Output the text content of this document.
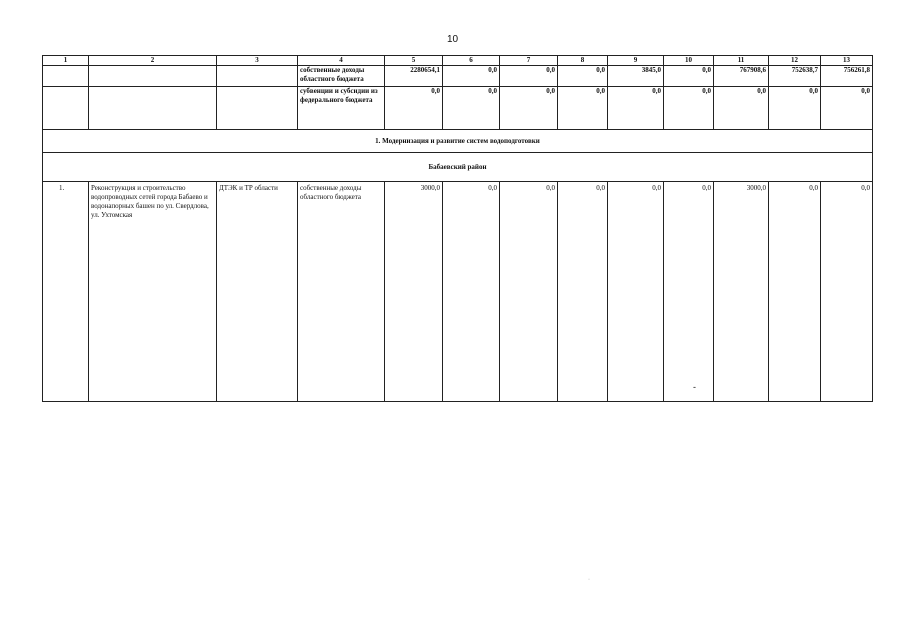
10
1	2	3	4	5	6	7	8	9	10	11	12	13
			собственные доходы областного бюджета	2280654,1	0,0	0,0	0,0	3845,0	0,0	767908,6	752638,7	756261,8
			субвенции и субсидии из федерального бюджета	0,0	0,0	0,0	0,0	0,0	0,0	0,0	0,0	0,0
1. Модернизация и развитие систем водоподготовки												
Бабаевский район												
1.	Реконструкция и строительство водопроводных сетей города Бабаево и водонапорных башен по ул. Свердлова, ул. Ухтомская	ДТЭК и ТР области	собственные доходы областного бюджета	3000,0	0,0	0,0	0,0	0,0	0,0	3000,0	0,0	0,0
-
·
